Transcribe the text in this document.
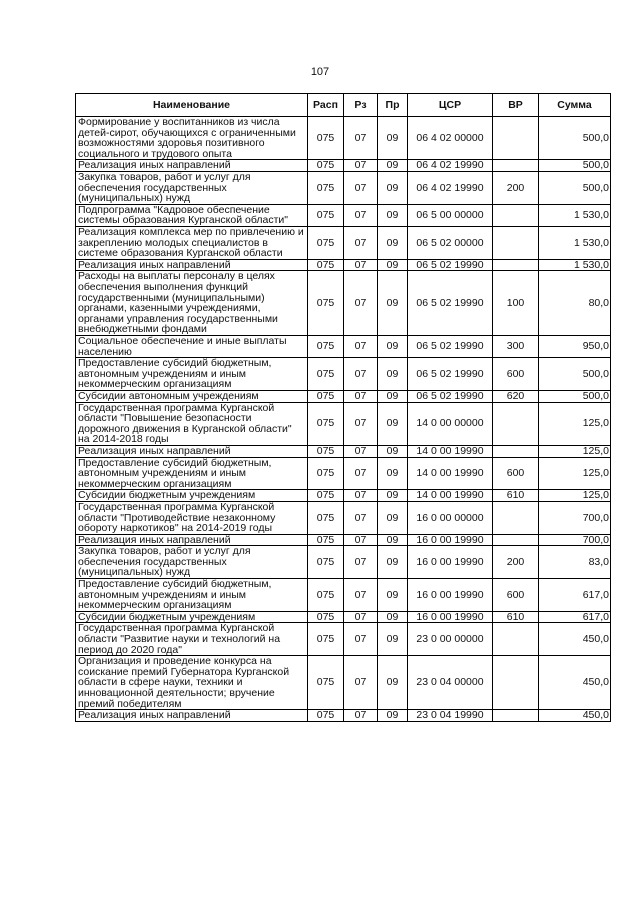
107
Наименование	Расп	Рз	Пр	ЦСР	ВР	Сумма
Формирование у воспитанников из числа детей-сирот, обучающихся с ограниченными возможностями здоровья позитивного социального и трудового опыта	075	07	09	06 4 02 00000		500,0
Реализация иных направлений	075	07	09	06 4 02 19990		500,0
Закупка товаров, работ и услуг для обеспечения государственных (муниципальных) нужд	075	07	09	06 4 02 19990	200	500,0
Подпрограмма "Кадровое обеспечение системы образования Курганской области"	075	07	09	06 5 00 00000		1 530,0
Реализация комплекса мер по привлечению и закреплению молодых специалистов в системе образования Курганской области	075	07	09	06 5 02 00000		1 530,0
Реализация иных направлений	075	07	09	06 5 02 19990		1 530,0
Расходы на выплаты персоналу в целях обеспечения выполнения функций государственными (муниципальными) органами, казенными учреждениями, органами управления государственными внебюджетными фондами	075	07	09	06 5 02 19990	100	80,0
Социальное обеспечение и иные выплаты населению	075	07	09	06 5 02 19990	300	950,0
Предоставление субсидий бюджетным, автономным учреждениям и иным некоммерческим организациям	075	07	09	06 5 02 19990	600	500,0
Субсидии автономным учреждениям	075	07	09	06 5 02 19990	620	500,0
Государственная программа Курганской области "Повышение безопасности дорожного движения в Курганской области" на 2014-2018 годы	075	07	09	14 0 00 00000		125,0
Реализация иных направлений	075	07	09	14 0 00 19990		125,0
Предоставление субсидий бюджетным, автономным учреждениям и иным некоммерческим организациям	075	07	09	14 0 00 19990	600	125,0
Субсидии бюджетным учреждениям	075	07	09	14 0 00 19990	610	125,0
Государственная программа Курганской области "Противодействие незаконному обороту наркотиков" на 2014-2019 годы	075	07	09	16 0 00 00000		700,0
Реализация иных направлений	075	07	09	16 0 00 19990		700,0
Закупка товаров, работ и услуг для обеспечения государственных (муниципальных) нужд	075	07	09	16 0 00 19990	200	83,0
Предоставление субсидий бюджетным, автономным учреждениям и иным некоммерческим организациям	075	07	09	16 0 00 19990	600	617,0
Субсидии бюджетным учреждениям	075	07	09	16 0 00 19990	610	617,0
Государственная программа Курганской области "Развитие науки и технологий на период до 2020 года"	075	07	09	23 0 00 00000		450,0
Организация и проведение конкурса на соискание премий Губернатора Курганской области в сфере науки, техники и инновационной деятельности; вручение премий победителям	075	07	09	23 0 04 00000		450,0
Реализация иных направлений	075	07	09	23 0 04 19990		450,0
